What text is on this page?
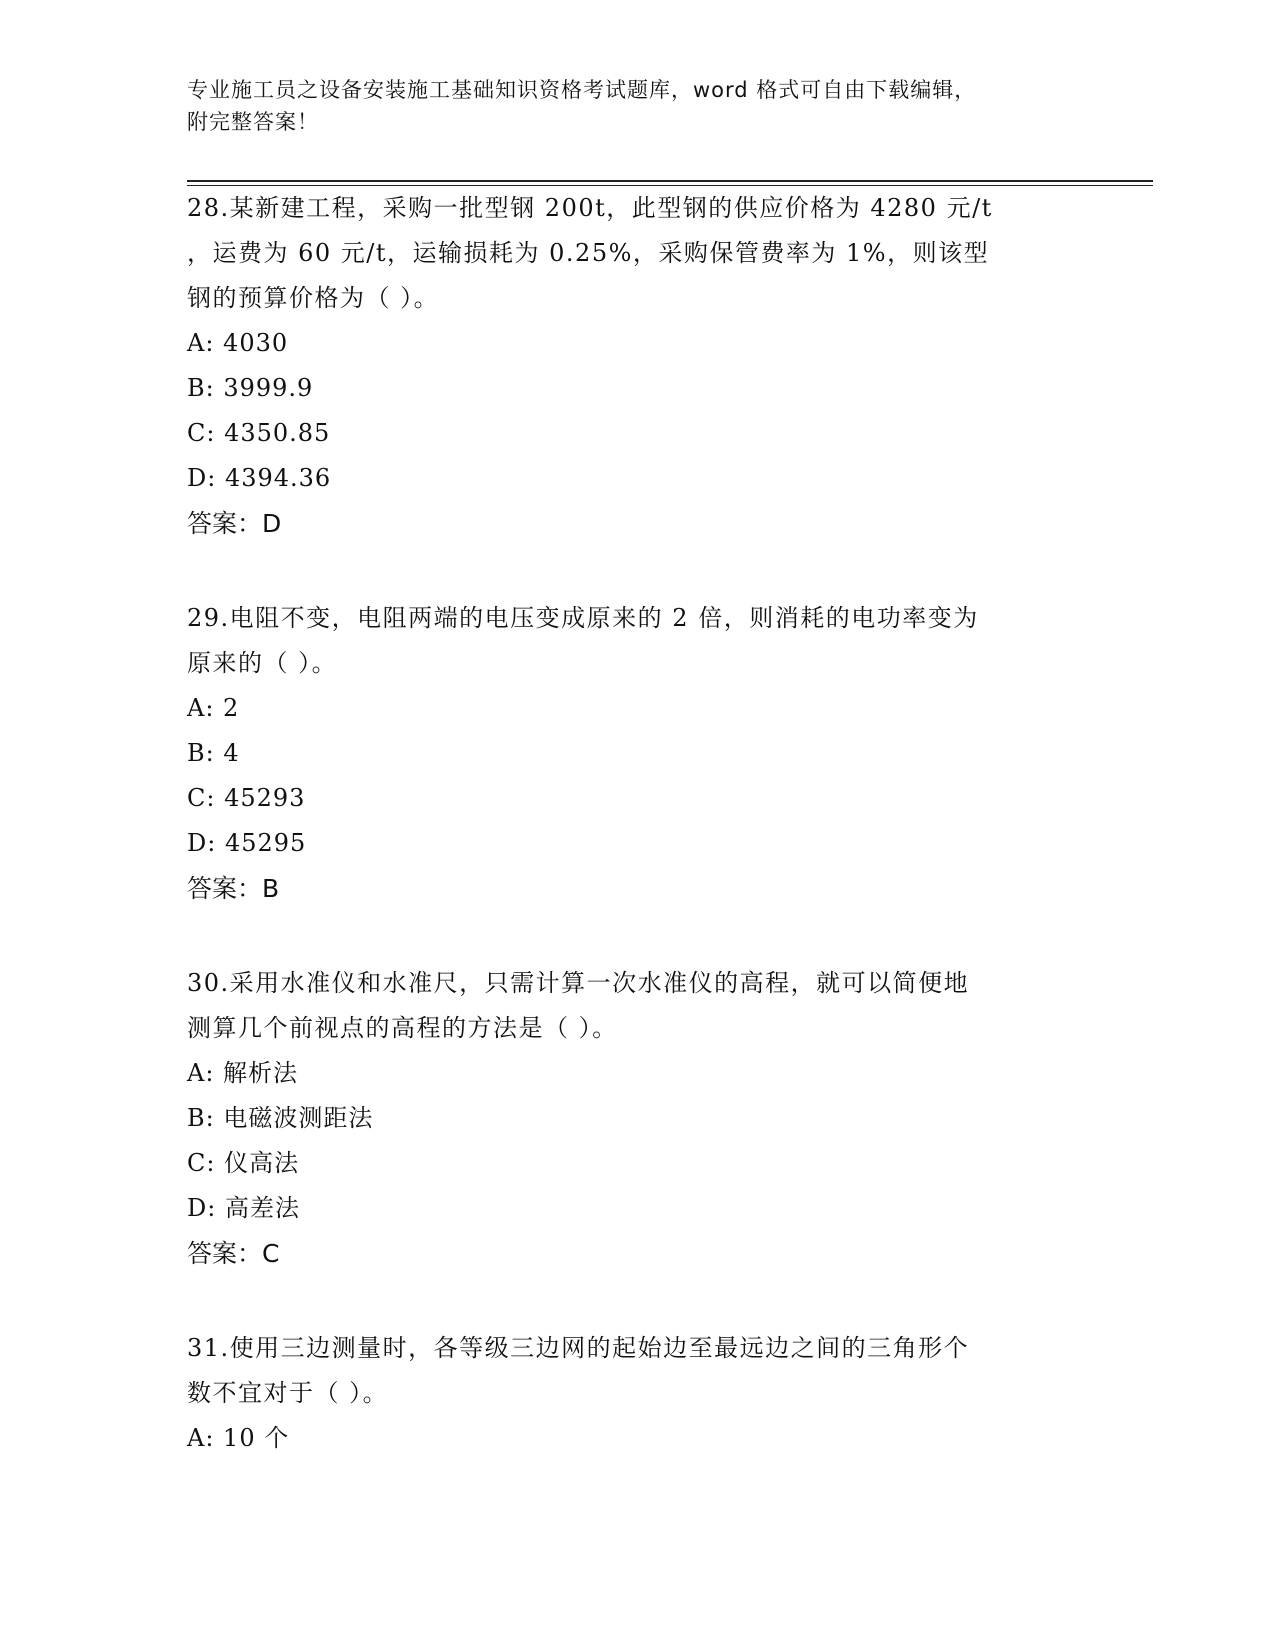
专业施工员之设备安装施工基础知识资格考试题库，word 格式可自由下载编辑，
附完整答案！
28.某新建工程，采购一批型钢 200t，此型钢的供应价格为 4280 元/t
，运费为 60 元/t，运输损耗为 0.25%，采购保管费率为 1%，则该型
钢的预算价格为（ ）。
A: 4030
B: 3999.9
C: 4350.85
D: 4394.36
答案：D
29.电阻不变，电阻两端的电压变成原来的 2 倍，则消耗的电功率变为
原来的（ ）。
A: 2
B: 4
C: 45293
D: 45295
答案：B
30.采用水准仪和水准尺，只需计算一次水准仪的高程，就可以简便地
测算几个前视点的高程的方法是（ ）。
A: 解析法
B: 电磁波测距法
C: 仪高法
D: 高差法
答案：C
31.使用三边测量时，各等级三边网的起始边至最远边之间的三角形个
数不宜对于（ ）。
A: 10 个
